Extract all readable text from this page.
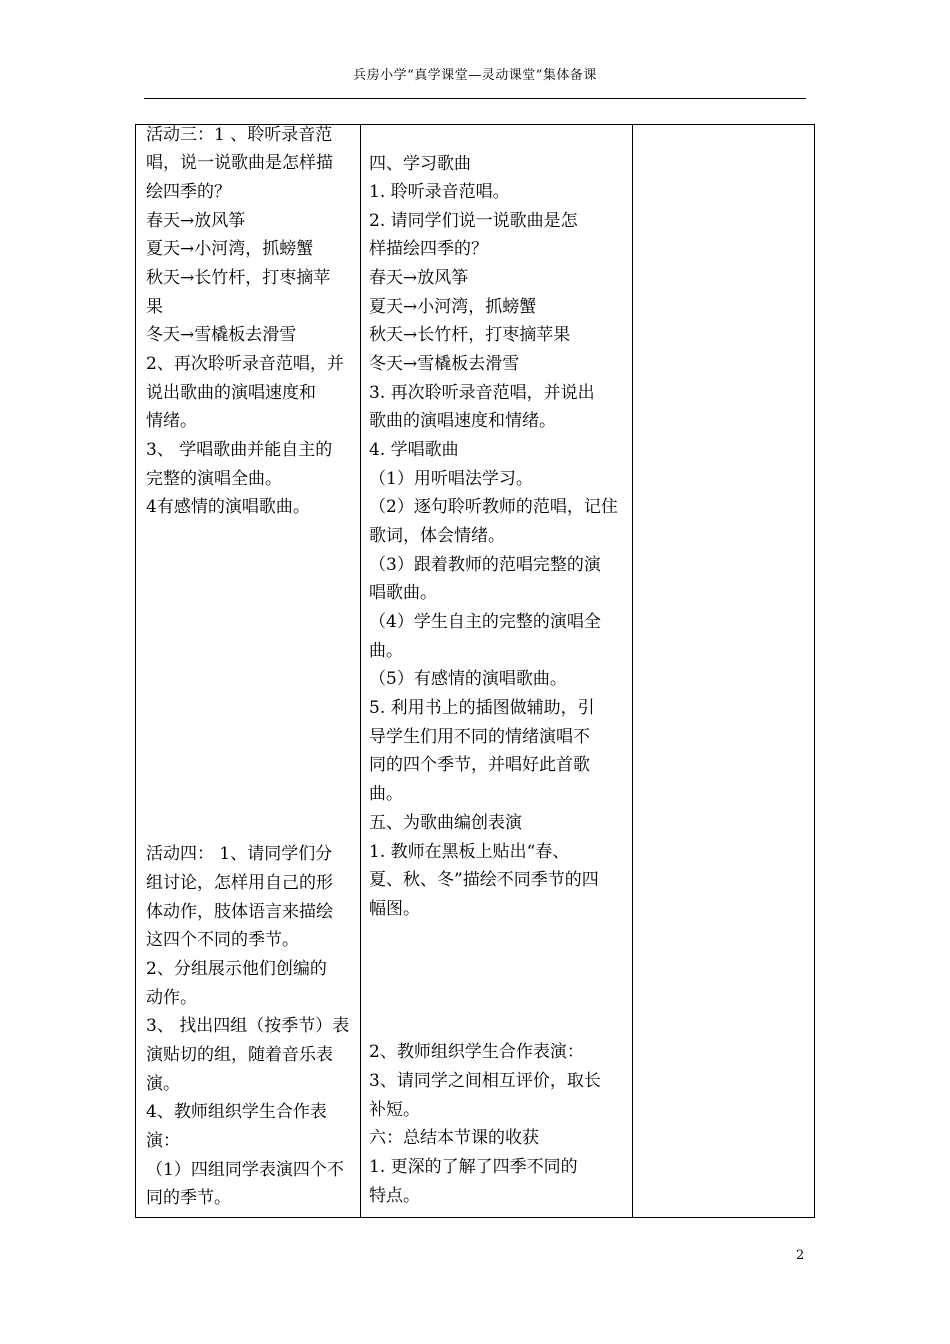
兵房小学“真学课堂—灵动课堂”集体备课
活动三：1 、聆听录音范
唱，说一说歌曲是怎样描
绘四季的？
春天→放风筝
夏天→小河湾，抓螃蟹
秋天→长竹杆，打枣摘苹
果
冬天→雪橇板去滑雪
2、再次聆听录音范唱，并
说出歌曲的演唱速度和
情绪。
3、 学唱歌曲并能自主的
完整的演唱全曲。
4有感情的演唱歌曲。
活动四： 1、请同学们分
组讨论，怎样用自己的形
体动作，肢体语言来描绘
这四个不同的季节。
2、分组展示他们创编的
动作。
3、 找出四组（按季节）表
演贴切的组，随着音乐表
演。
4、教师组织学生合作表
演：
（1）四组同学表演四个不
同的季节。
四、学习歌曲
1. 聆听录音范唱。
2. 请同学们说一说歌曲是怎
样描绘四季的？
春天→放风筝
夏天→小河湾，抓螃蟹
秋天→长竹杆，打枣摘苹果
冬天→雪橇板去滑雪
3. 再次聆听录音范唱，并说出
歌曲的演唱速度和情绪。
4. 学唱歌曲
（1）用听唱法学习。
（2）逐句聆听教师的范唱，记住
歌词，体会情绪。
（3）跟着教师的范唱完整的演
唱歌曲。
（4）学生自主的完整的演唱全
曲。
（5）有感情的演唱歌曲。
5. 利用书上的插图做辅助，引
导学生们用不同的情绪演唱不
同的四个季节，并唱好此首歌
曲。
五、为歌曲编创表演
1. 教师在黑板上贴出“春、
夏、秋、冬”描绘不同季节的四
幅图。
2、教师组织学生合作表演：
3、请同学之间相互评价，取长
补短。
六：总结本节课的收获
1. 更深的了解了四季不同的
特点。
2
